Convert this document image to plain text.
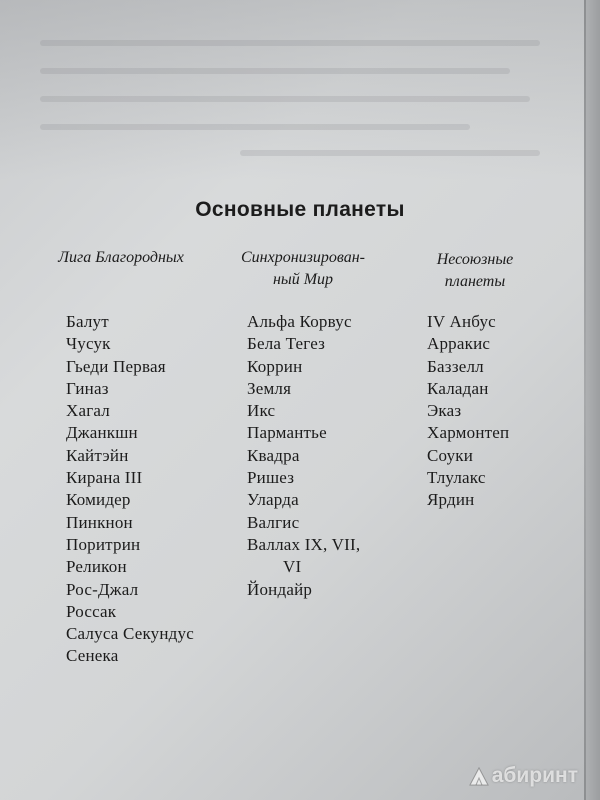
Основные планеты
Лига Благородных	Синхронизирован-
ный Мир
Несоюзные
планеты
Балут
Чусук
Гьеди Первая
Гиназ
Хагал
Джанкшн
Кайтэйн
Кирана III
Комидер
Пинкнон
Поритрин
Реликон
Рос-Джал
Россак
Салуса Секундус
Сенека
Альфа Корвус
Бела Тегез
Коррин
Земля
Икс
Пармантье
Квадра
Ришез
Уларда
Валгис
Валлах IX, VII,
VI
Йондайр
IV Анбус
Арракис
Баззелл
Каладан
Эказ
Хармонтеп
Соуки
Тлулакс
Ярдин
абиринт
